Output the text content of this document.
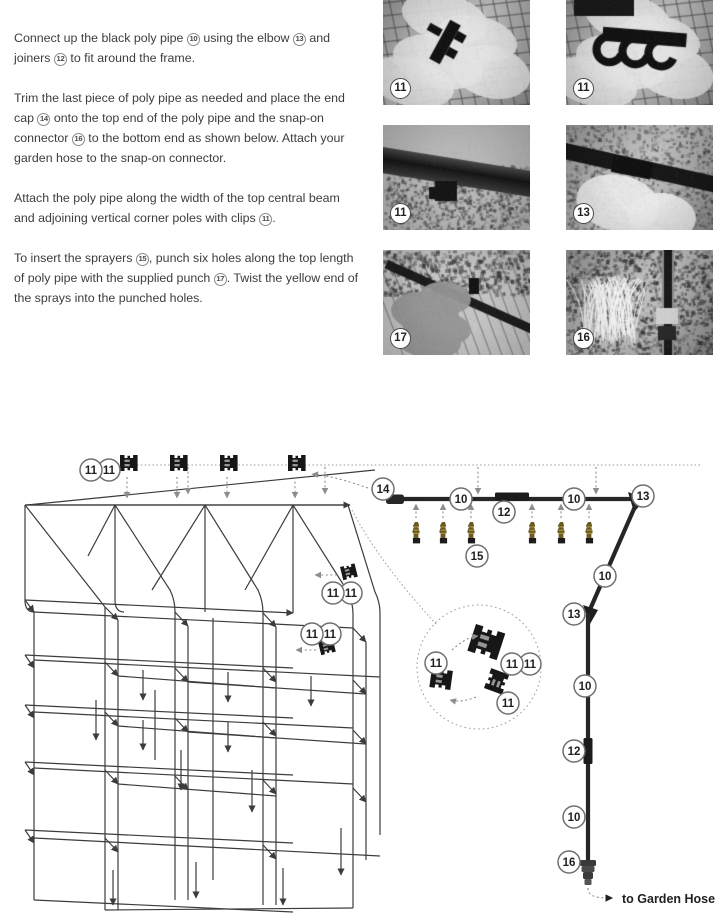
Connect up the black poly pipe 10 using the elbow 13 and joiners 12 to fit around the frame.
Trim the last piece of poly pipe as needed and place the end cap 14 onto the top end of the poly pipe and the snap-on connector 16 to the bottom end as shown below. Attach your garden hose to the snap-on connector.
Attach the poly pipe along the width of the top central beam and adjoining vertical corner poles with clips 11 .
To insert the sprayers 15 , punch six holes along the top length of poly pipe with the supplied punch 17 . Twist the yellow end of the sprays into the punched holes.
11	11
11	13
17	16
11
11
14
10
12
10	13
15
10
13
10
12
10
16
11
11
11
11
11	11
11
11
to Garden Hose
